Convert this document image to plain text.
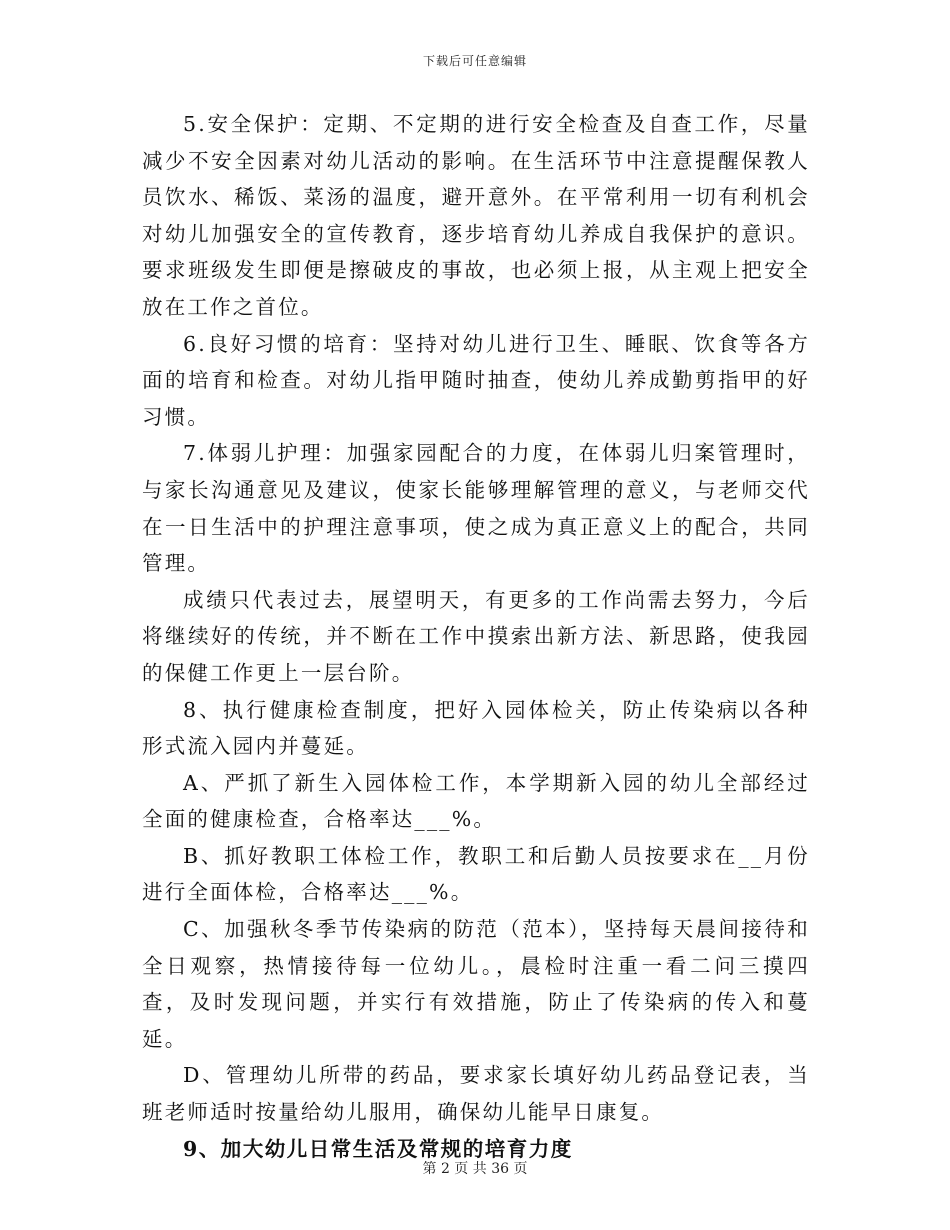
下载后可任意编辑

5.安全保护：定期、不定期的进行安全检查及自查工作，尽量减少不安全因素对幼儿活动的影响。在生活环节中注意提醒保教人员饮水、稀饭、菜汤的温度，避开意外。在平常利用一切有利机会对幼儿加强安全的宣传教育，逐步培育幼儿养成自我保护的意识。要求班级发生即便是擦破皮的事故，也必须上报，从主观上把安全放在工作之首位。

6.良好习惯的培育：坚持对幼儿进行卫生、睡眠、饮食等各方面的培育和检查。对幼儿指甲随时抽查，使幼儿养成勤剪指甲的好习惯。

7.体弱儿护理：加强家园配合的力度，在体弱儿归案管理时，与家长沟通意见及建议，使家长能够理解管理的意义，与老师交代在一日生活中的护理注意事项，使之成为真正意义上的配合，共同管理。

成绩只代表过去，展望明天，有更多的工作尚需去努力，今后将继续好的传统，并不断在工作中摸索出新方法、新思路，使我园的保健工作更上一层台阶。

8、执行健康检查制度，把好入园体检关，防止传染病以各种形式流入园内并蔓延。

A、严抓了新生入园体检工作，本学期新入园的幼儿全部经过全面的健康检查，合格率达___%。

B、抓好教职工体检工作，教职工和后勤人员按要求在__月份进行全面体检，合格率达___%。

C、加强秋冬季节传染病的防范（范本），坚持每天晨间接待和全日观察，热情接待每一位幼儿。，晨检时注重一看二问三摸四查，及时发现问题，并实行有效措施，防止了传染病的传入和蔓延。

D、管理幼儿所带的药品，要求家长填好幼儿药品登记表，当班老师适时按量给幼儿服用，确保幼儿能早日康复。

9、加大幼儿日常生活及常规的培育力度

第 2 页 共 36 页
